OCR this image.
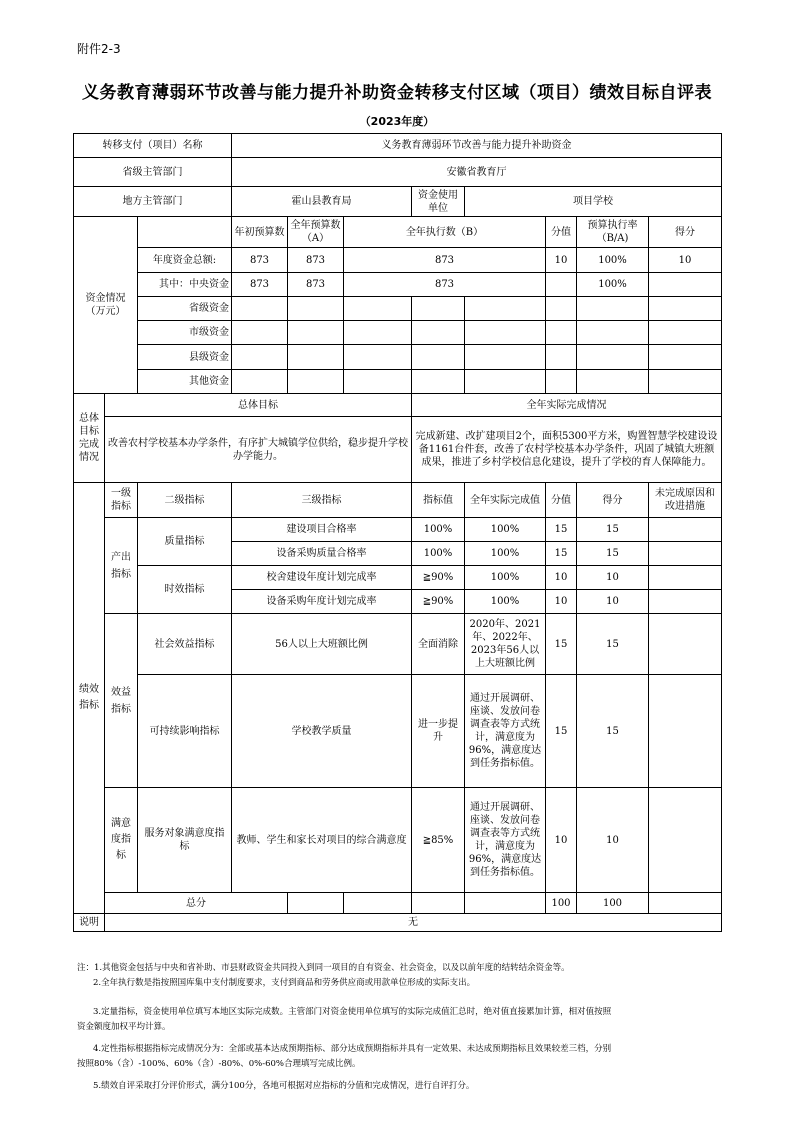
附件2-3
义务教育薄弱环节改善与能力提升补助资金转移支付区域（项目）绩效目标自评表
（2023年度）
转移支付（项目）名称			义务教育薄弱环节改善与能力提升补助资金							
省级主管部门			安徽省教育厅							
地方主管部门			霍山县教育局			资金使用单位	项目学校			
资金情况（万元）			年初预算数	全年预算数（A）	全年执行数（B）			分值	预算执行率（B/A)	得分
		年度资金总额:	873	873	873			10	100%	10
		其中：中央资金	873	873	873				100%	
		省级资金								
		市级资金								
		县级资金								
		其他资金								
总体目标完成情况	总体目标					全年实际完成情况				
	改善农村学校基本办学条件，有序扩大城镇学位供给，稳步提升学校办学能力。					完成新建、改扩建项目2个，面积5300平方米，购置智慧学校建设设备1161台件套，改善了农村学校基本办学条件，巩固了城镇大班额成果，推进了乡村学校信息化建设，提升了学校的育人保障能力。				
绩效指标	一级指标	二级指标	三级指标			指标值	全年实际完成值	分值	得分	未完成原因和改进措施
	产出指标	质量指标	建设项目合格率			100%	100%	15	15	
			设备采购质量合格率			100%	100%	15	15	
		时效指标	校舍建设年度计划完成率			≧90%	100%	10	10	
			设备采购年度计划完成率			≧90%	100%	10	10	
	效益指标	社会效益指标	56人以上大班额比例			全面消除	2020年、2021年、2022年、2023年56人以上大班额比例	15	15	
		可持续影响指标	学校教学质量			进一步提升	通过开展调研、座谈、发放问卷调查表等方式统计，满意度为96%，满意度达到任务指标值。	15	15	
	满意度指标	服务对象满意度指标	教师、学生和家长对项目的综合满意度			≧85%	通过开展调研、座谈、发放问卷调查表等方式统计，满意度为96%，满意度达到任务指标值。	10	10	
	总分							100	100	
说明	无									

注：1.其他资金包括与中央和省补助、市县财政资金共同投入到同一项目的自有资金、社会资金，以及以前年度的结转结余资金等。

2.全年执行数是指按照国库集中支付制度要求，支付到商品和劳务供应商或用款单位形成的实际支出。

3.定量指标，资金使用单位填写本地区实际完成数。主管部门对资金使用单位填写的实际完成值汇总时，绝对值直接累加计算，相对值按照

资金额度加权平均计算。

4.定性指标根据指标完成情况分为：全部或基本达成预期指标、部分达成预期指标并具有一定效果、未达成预期指标且效果较差三档，分别

按照80%（含）-100%、60%（含）-80%、0%-60%合理填写完成比例。

5.绩效自评采取打分评价形式，满分100分，各地可根据对应指标的分值和完成情况，进行自评打分。
